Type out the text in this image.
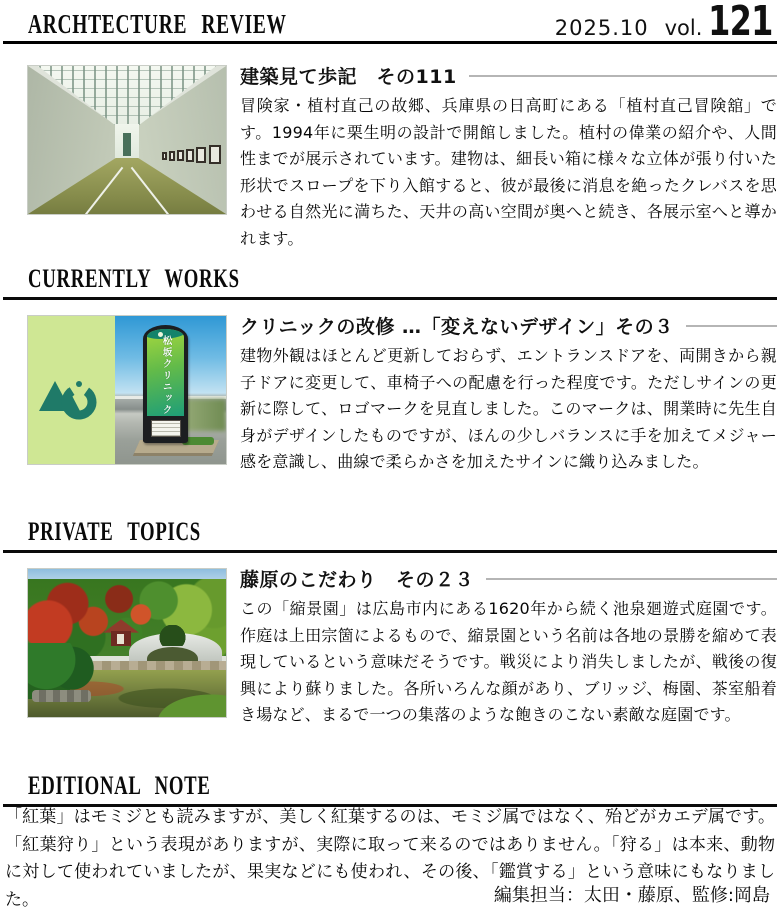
ARCHTECTURE REVIEW	2025.10 vol. 121
建築見て歩記　その111
冒険家・植村直己の故郷、兵庫県の日高町にある「植村直己冒険舘」です。1994年に栗生明の設計で開館しました。植村の偉業の紹介や、人間性までが展示されています。建物は、細長い箱に様々な立体が張り付いた形状でスロープを下り入館すると、彼が最後に消息を絶ったクレバスを思わせる自然光に満ちた、天井の高い空間が奥へと続き、各展示室へと導かれます。
CURRENTLY WORKS
松坂クリニック
クリニックの改修 …「変えないデザイン」その３
建物外観はほとんど更新しておらず、エントランスドアを、両開きから親子ドアに変更して、車椅子への配慮を行った程度です。ただしサインの更新に際して、ロゴマークを見直しました。このマークは、開業時に先生自身がデザインしたものですが、ほんの少しバランスに手を加えてメジャー感を意識し、曲線で柔らかさを加えたサインに織り込みました。
PRIVATE TOPICS
藤原のこだわり　その２３
この「縮景園」は広島市内にある1620年から続く池泉廻遊式庭園です。作庭は上田宗箇によるもので、縮景園という名前は各地の景勝を縮めて表現しているという意味だそうです。戦災により消失しましたが、戦後の復興により蘇りました。各所いろんな顔があり、ブリッジ、梅園、茶室船着き場など、まるで一つの集落のような飽きのこない素敵な庭園です。
EDITIONAL NOTE
「紅葉」はモミジとも読みますが、美しく紅葉するのは、モミジ属ではなく、殆どがカエデ属です。「紅葉狩り」という表現がありますが、実際に取って来るのではありません。「狩る」は本来、動物に対して使われていましたが、果実などにも使われ、その後、「鑑賞する」という意味にもなりました。	編集担当：太田・藤原、監修:岡島
